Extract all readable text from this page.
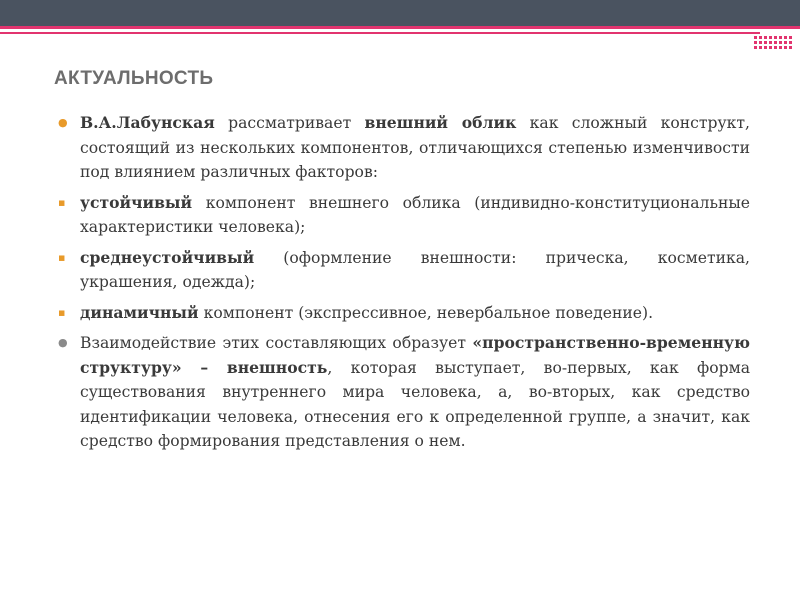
АКТУАЛЬНОСТЬ
● В.А.Лабунская рассматривает внешний облик как сложный конструкт, состоящий из нескольких компонентов, отличающихся степенью изменчивости под влиянием различных факторов:
▪ устойчивый компонент внешнего облика (индивидно-конституциональные характеристики человека);
▪ среднеустойчивый (оформление внешности: прическа, косметика, украшения, одежда);
▪ динамичный компонент (экспрессивное, невербальное поведение).
● Взаимодействие этих составляющих образует «пространственно-временную структуру» – внешность, которая выступает, во-первых, как форма существования внутреннего мира человека, а, во-вторых, как средство идентификации человека, отнесения его к определенной группе, а значит, как средство формирования представления о нем.
